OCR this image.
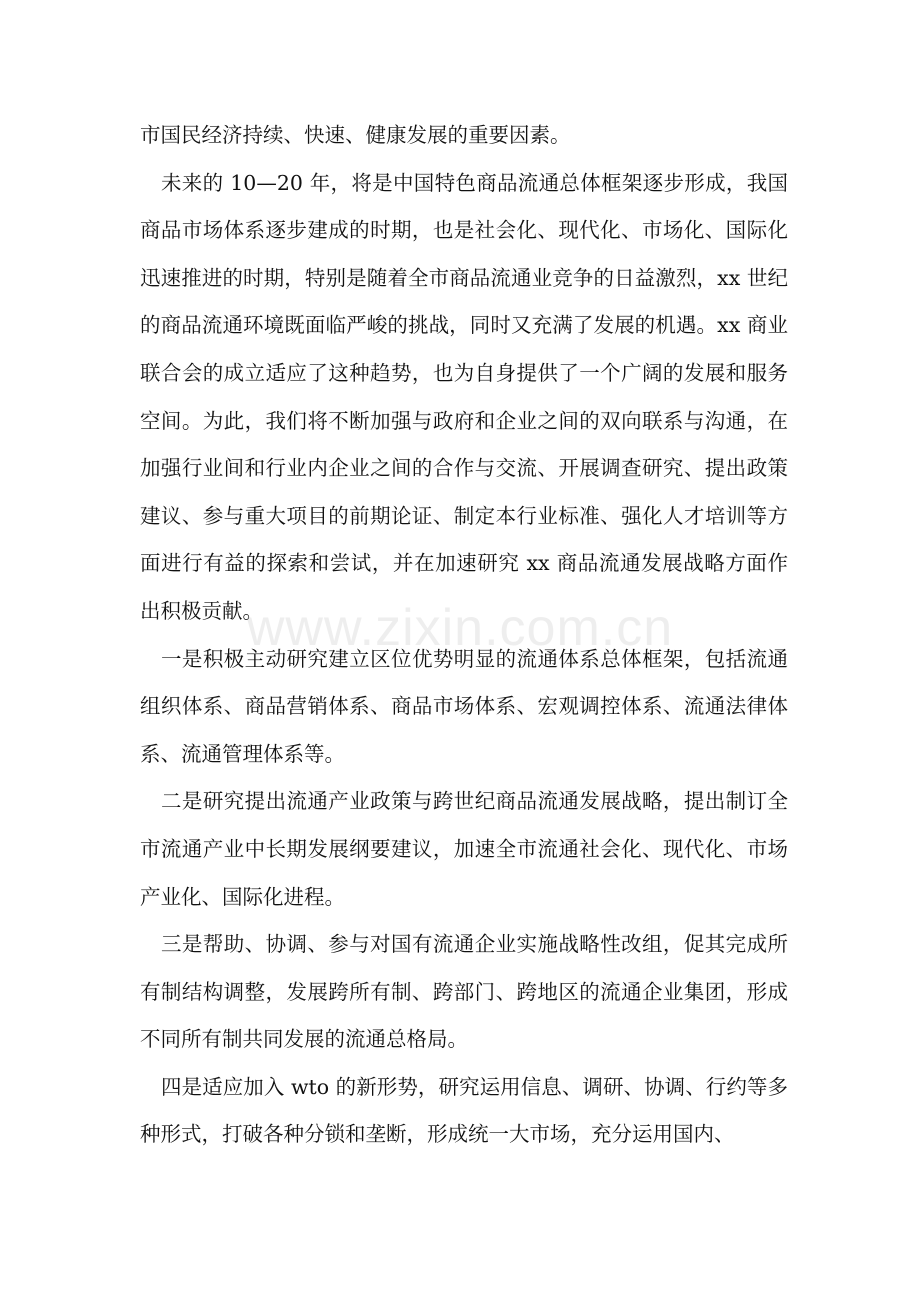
市国民经济持续、快速、健康发展的重要因素。

未来的 10—20 年，将是中国特色商品流通总体框架逐步形成，我国商品市场体系逐步建成的时期，也是社会化、现代化、市场化、国际化迅速推进的时期，特别是随着全市商品流通业竞争的日益激烈，xx 世纪的商品流通环境既面临严峻的挑战，同时又充满了发展的机遇。xx 商业联合会的成立适应了这种趋势，也为自身提供了一个广阔的发展和服务空间。为此，我们将不断加强与政府和企业之间的双向联系与沟通，在加强行业间和行业内企业之间的合作与交流、开展调查研究、提出政策建议、参与重大项目的前期论证、制定本行业标准、强化人才培训等方面进行有益的探索和尝试，并在加速研究 xx 商品流通发展战略方面作出积极贡献。

一是积极主动研究建立区位优势明显的流通体系总体框架，包括流通组织体系、商品营销体系、商品市场体系、宏观调控体系、流通法律体系、流通管理体系等。

二是研究提出流通产业政策与跨世纪商品流通发展战略，提出制订全市流通产业中长期发展纲要建议，加速全市流通社会化、现代化、市场产业化、国际化进程。

三是帮助、协调、参与对国有流通企业实施战略性改组，促其完成所有制结构调整，发展跨所有制、跨部门、跨地区的流通企业集团，形成不同所有制共同发展的流通总格局。

四是适应加入 wto 的新形势，研究运用信息、调研、协调、行约等多种形式，打破各种分锁和垄断，形成统一大市场，充分运用国内、

www.zixin.com.cn
